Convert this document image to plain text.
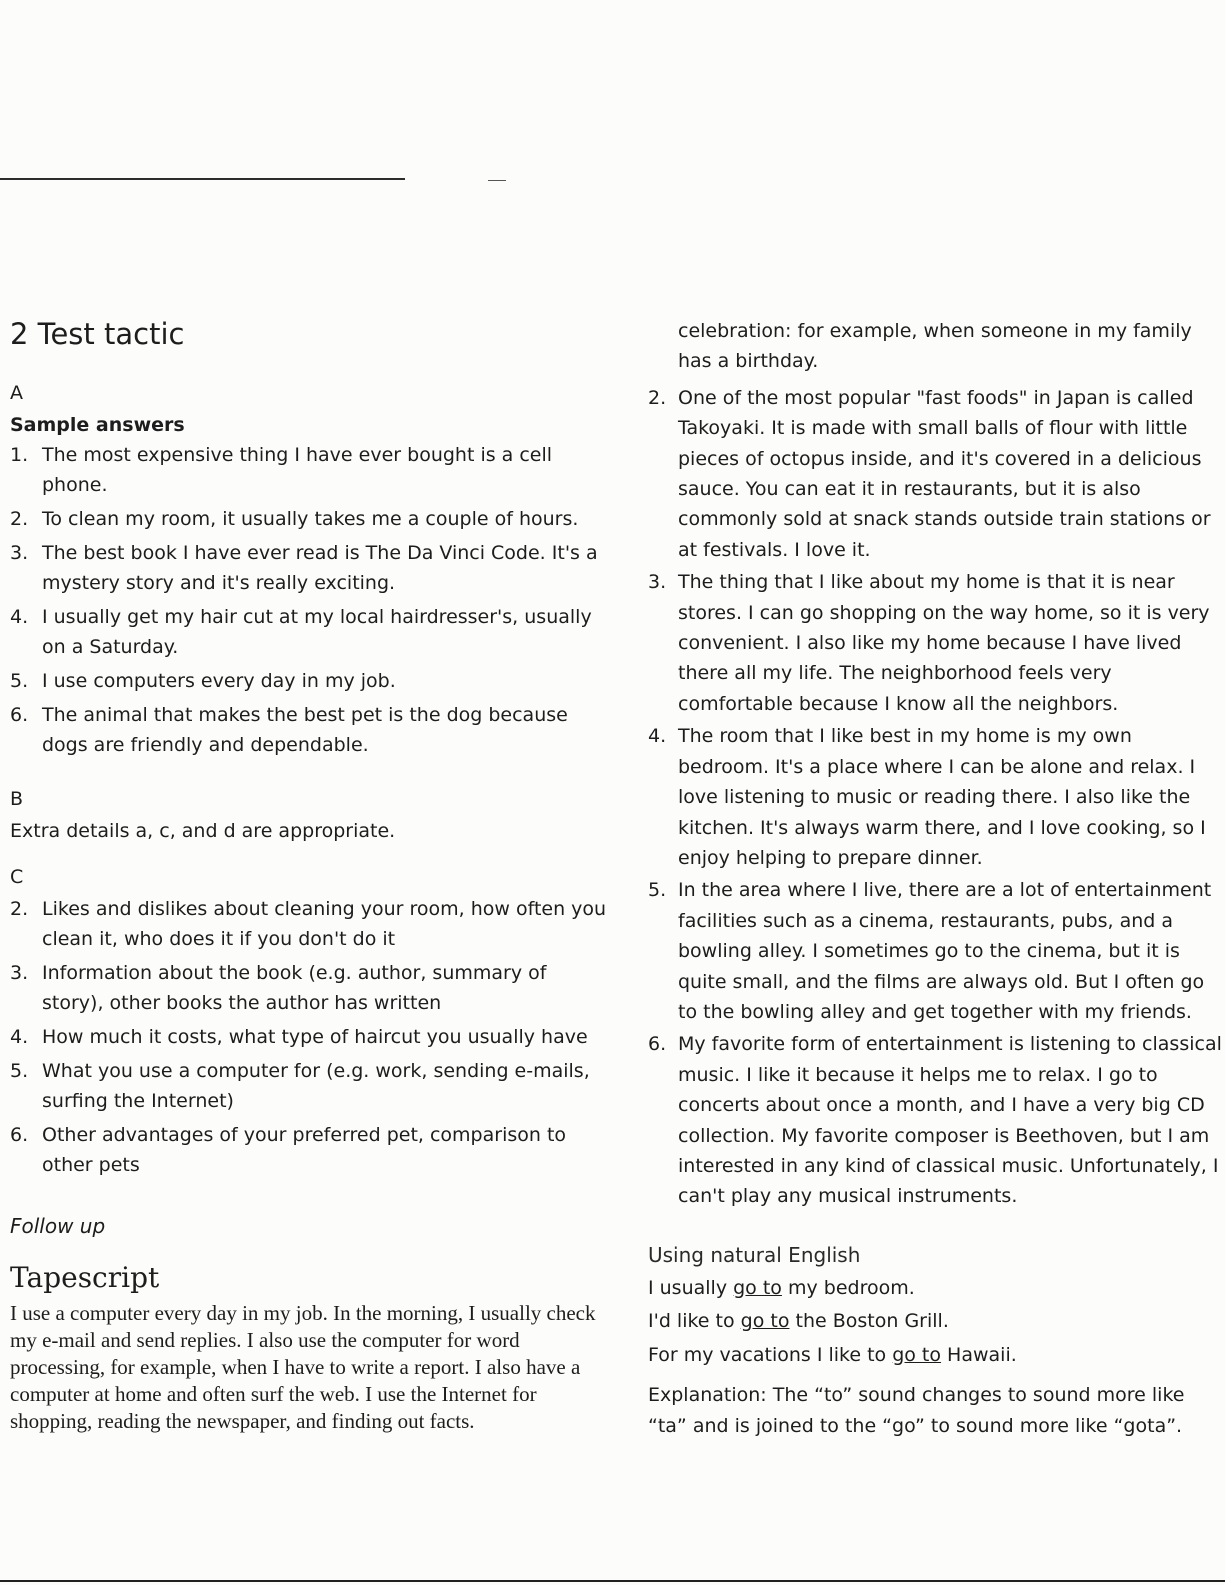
2 Test tactic
A
Sample answers
1. The most expensive thing I have ever bought is a cell phone.
2. To clean my room, it usually takes me a couple of hours.
3. The best book I have ever read is The Da Vinci Code. It's a mystery story and it's really exciting.
4. I usually get my hair cut at my local hairdresser's, usually on a Saturday.
5. I use computers every day in my job.
6. The animal that makes the best pet is the dog because dogs are friendly and dependable.
B
Extra details a, c, and d are appropriate.
C
2. Likes and dislikes about cleaning your room, how often you clean it, who does it if you don't do it
3. Information about the book (e.g. author, summary of story), other books the author has written
4. How much it costs, what type of haircut you usually have
5. What you use a computer for (e.g. work, sending e-mails, surfing the Internet)
6. Other advantages of your preferred pet, comparison to other pets
Follow up
Tapescript
I use a computer every day in my job. In the morning, I usually check my e-mail and send replies. I also use the computer for word processing, for example, when I have to write a report. I also have a computer at home and often surf the web. I use the Internet for shopping, reading the newspaper, and finding out facts.
celebration: for example, when someone in my family has a birthday.
2. One of the most popular "fast foods" in Japan is called Takoyaki. It is made with small balls of flour with little pieces of octopus inside, and it's covered in a delicious sauce. You can eat it in restaurants, but it is also commonly sold at snack stands outside train stations or at festivals. I love it.
3. The thing that I like about my home is that it is near stores. I can go shopping on the way home, so it is very convenient. I also like my home because I have lived there all my life. The neighborhood feels very comfortable because I know all the neighbors.
4. The room that I like best in my home is my own bedroom. It's a place where I can be alone and relax. I love listening to music or reading there. I also like the kitchen. It's always warm there, and I love cooking, so I enjoy helping to prepare dinner.
5. In the area where I live, there are a lot of entertainment facilities such as a cinema, restaurants, pubs, and a bowling alley. I sometimes go to the cinema, but it is quite small, and the films are always old. But I often go to the bowling alley and get together with my friends.
6. My favorite form of entertainment is listening to classical music. I like it because it helps me to relax. I go to concerts about once a month, and I have a very big CD collection. My favorite composer is Beethoven, but I am interested in any kind of classical music. Unfortunately, I can't play any musical instruments.
Using natural English
I usually go to my bedroom.
I'd like to go to the Boston Grill.
For my vacations I like to go to Hawaii.
Explanation: The “to” sound changes to sound more like “ta” and is joined to the “go” to sound more like “gota”.
